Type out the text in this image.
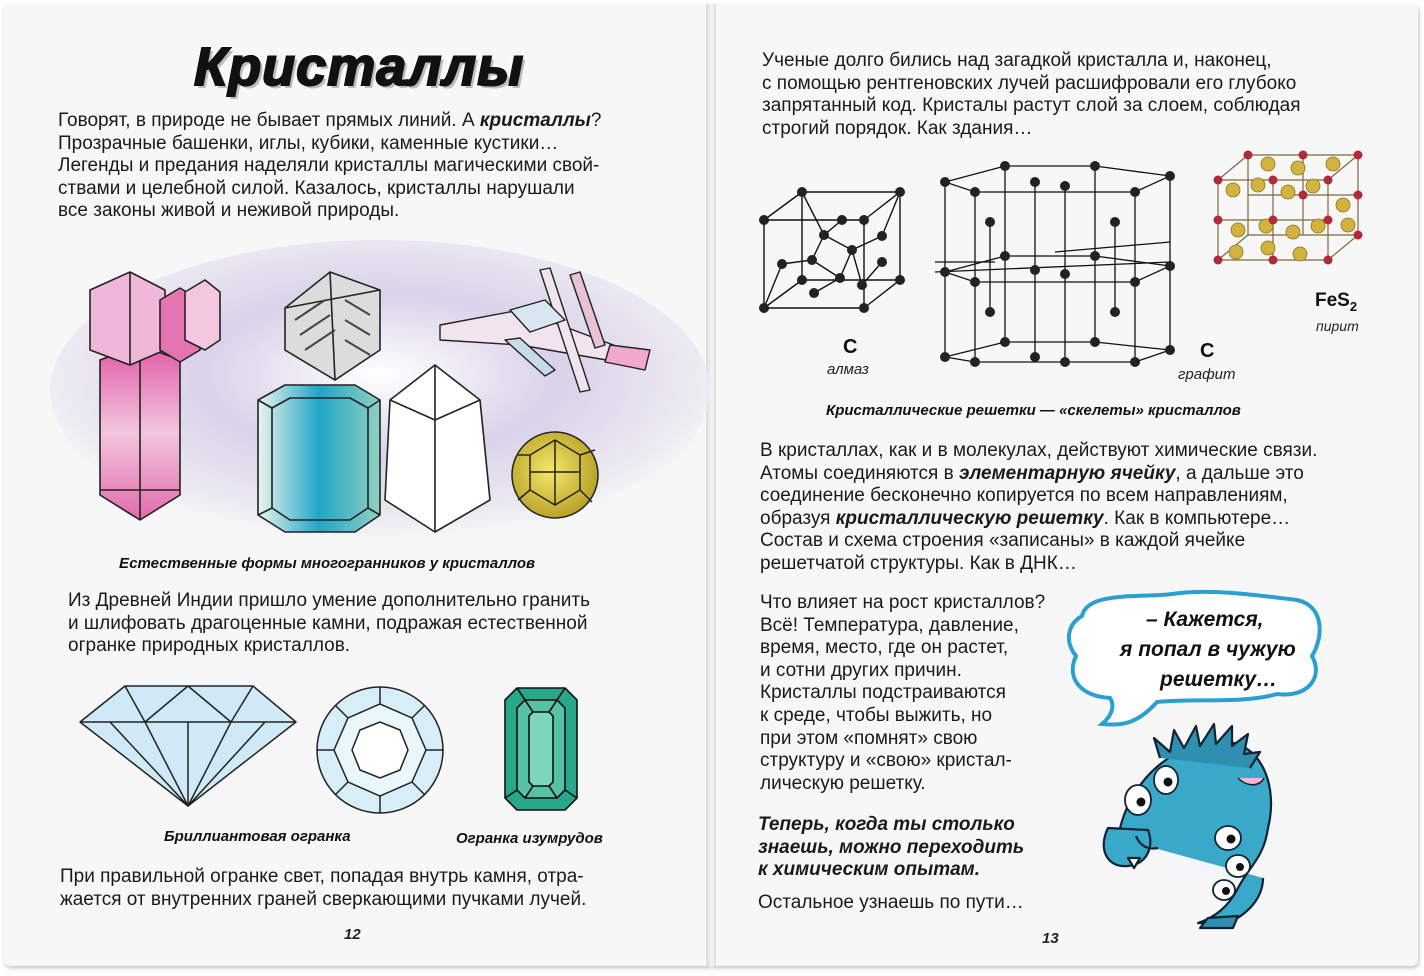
Кристаллы
Говорят, в природе не бывает прямых линий. А кристаллы?
Прозрачные башенки, иглы, кубики, каменные кустики…
Легенды и предания наделяли кристаллы магическими свой-
ствами и целебной силой. Казалось, кристаллы нарушали
все законы живой и неживой природы.
Естественные формы многогранников у кристаллов
Из Древней Индии пришло умение дополнительно гранить
и шлифовать драгоценные камни, подражая естественной
огранке природных кристаллов.
Бриллиантовая огранка	Огранка изумрудов
При правильной огранке свет, попадая внутрь камня, отра-
жается от внутренних граней сверкающими пучками лучей.
12
Ученые долго бились над загадкой кристалла и, наконец,
с помощью рентгеновских лучей расшифровали его глубоко
запрятанный код. Кристалы растут слой за слоем, соблюдая
строгий порядок. Как здания…
C
алмаз
C
графит
FeS$_2$
пирит
Кристаллические решетки — «скелеты» кристаллов
В кристаллах, как и в молекулах, действуют химические связи.
Атомы соединяются в элементарную ячейку, а дальше это
соединение бесконечно копируется по всем направлениям,
образуя кристаллическую решетку. Как в компьютере…
Состав и схема строения «записаны» в каждой ячейке
решетчатой структуры. Как в ДНК…
Что влияет на рост кристаллов?
Всё! Температура, давление,
время, место, где он растет,
и сотни других причин.
Кристаллы подстраиваются
к среде, чтобы выжить, но
при этом «помнят» свою
структуру и «свою» кристал-
лическую решетку.
Теперь, когда ты столько
знаешь, можно переходить
к химическим опытам.
Остальное узнаешь по пути…
– Кажется,
я попал в чужую
решетку…
13
